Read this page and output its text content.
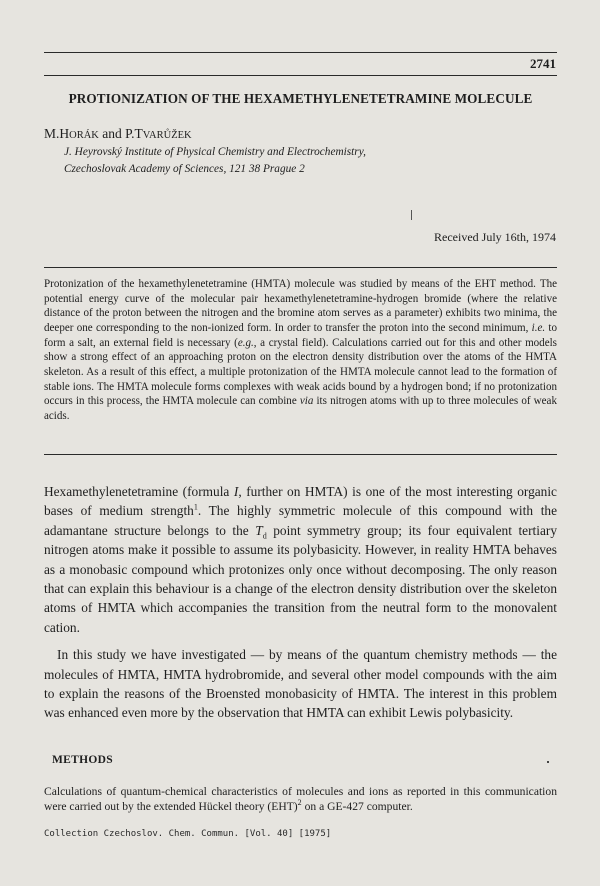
2741
PROTIONIZATION OF THE HEXAMETHYLENETETRAMINE MOLECULE
M.HORÁK and P.TVARŮŽEK
J. Heyrovský Institute of Physical Chemistry and Electrochemistry,
Czechoslovak Academy of Sciences, 121 38 Prague 2
Received July 16th, 1974

Protonization of the hexamethylenetetramine (HMTA) molecule was studied by means of the EHT method. The potential energy curve of the molecular pair hexamethylenetetramine-hydrogen bromide (where the relative distance of the proton between the nitrogen and the bromine atom serves as a parameter) exhibits two minima, the deeper one corresponding to the non-ionized form. In order to transfer the proton into the second minimum, i.e. to form a salt, an external field is necessary (e.g., a crystal field). Calculations carried out for this and other models show a strong effect of an approaching proton on the electron density distribution over the atoms of the HMTA skeleton. As a result of this effect, a multiple protonization of the HMTA molecule cannot lead to the formation of stable ions. The HMTA molecule forms complexes with weak acids bound by a hydrogen bond; if no protonization occurs in this process, the HMTA molecule can combine via its nitrogen atoms with up to three molecules of weak acids.

Hexamethylenetetramine (formula I, further on HMTA) is one of the most interesting organic bases of medium strength$^1$. The highly symmetric molecule of this compound with the adamantane structure belongs to the $T_d$ point symmetry group; its four equivalent tertiary nitrogen atoms make it possible to assume its polybasicity. However, in reality HMTA behaves as a monobasic compound which protonizes only once without decomposing. The only reason that can explain this behaviour is a change of the electron density distribution over the skeleton atoms of HMTA which accompanies the transition from the neutral form to the monovalent cation.

In this study we have investigated — by means of the quantum chemistry methods — the molecules of HMTA, HMTA hydrobromide, and several other model compounds with the aim to explain the reasons of the Broensted monobasicity of HMTA. The interest in this problem was enhanced even more by the observation that HMTA can exhibit Lewis polybasicity.

METHODS

Calculations of quantum-chemical characteristics of molecules and ions as reported in this communication were carried out by the extended Hückel theory (EHT)$^2$ on a GE-427 computer.

Collection Czechoslov. Chem. Commun. [Vol. 40] [1975]
